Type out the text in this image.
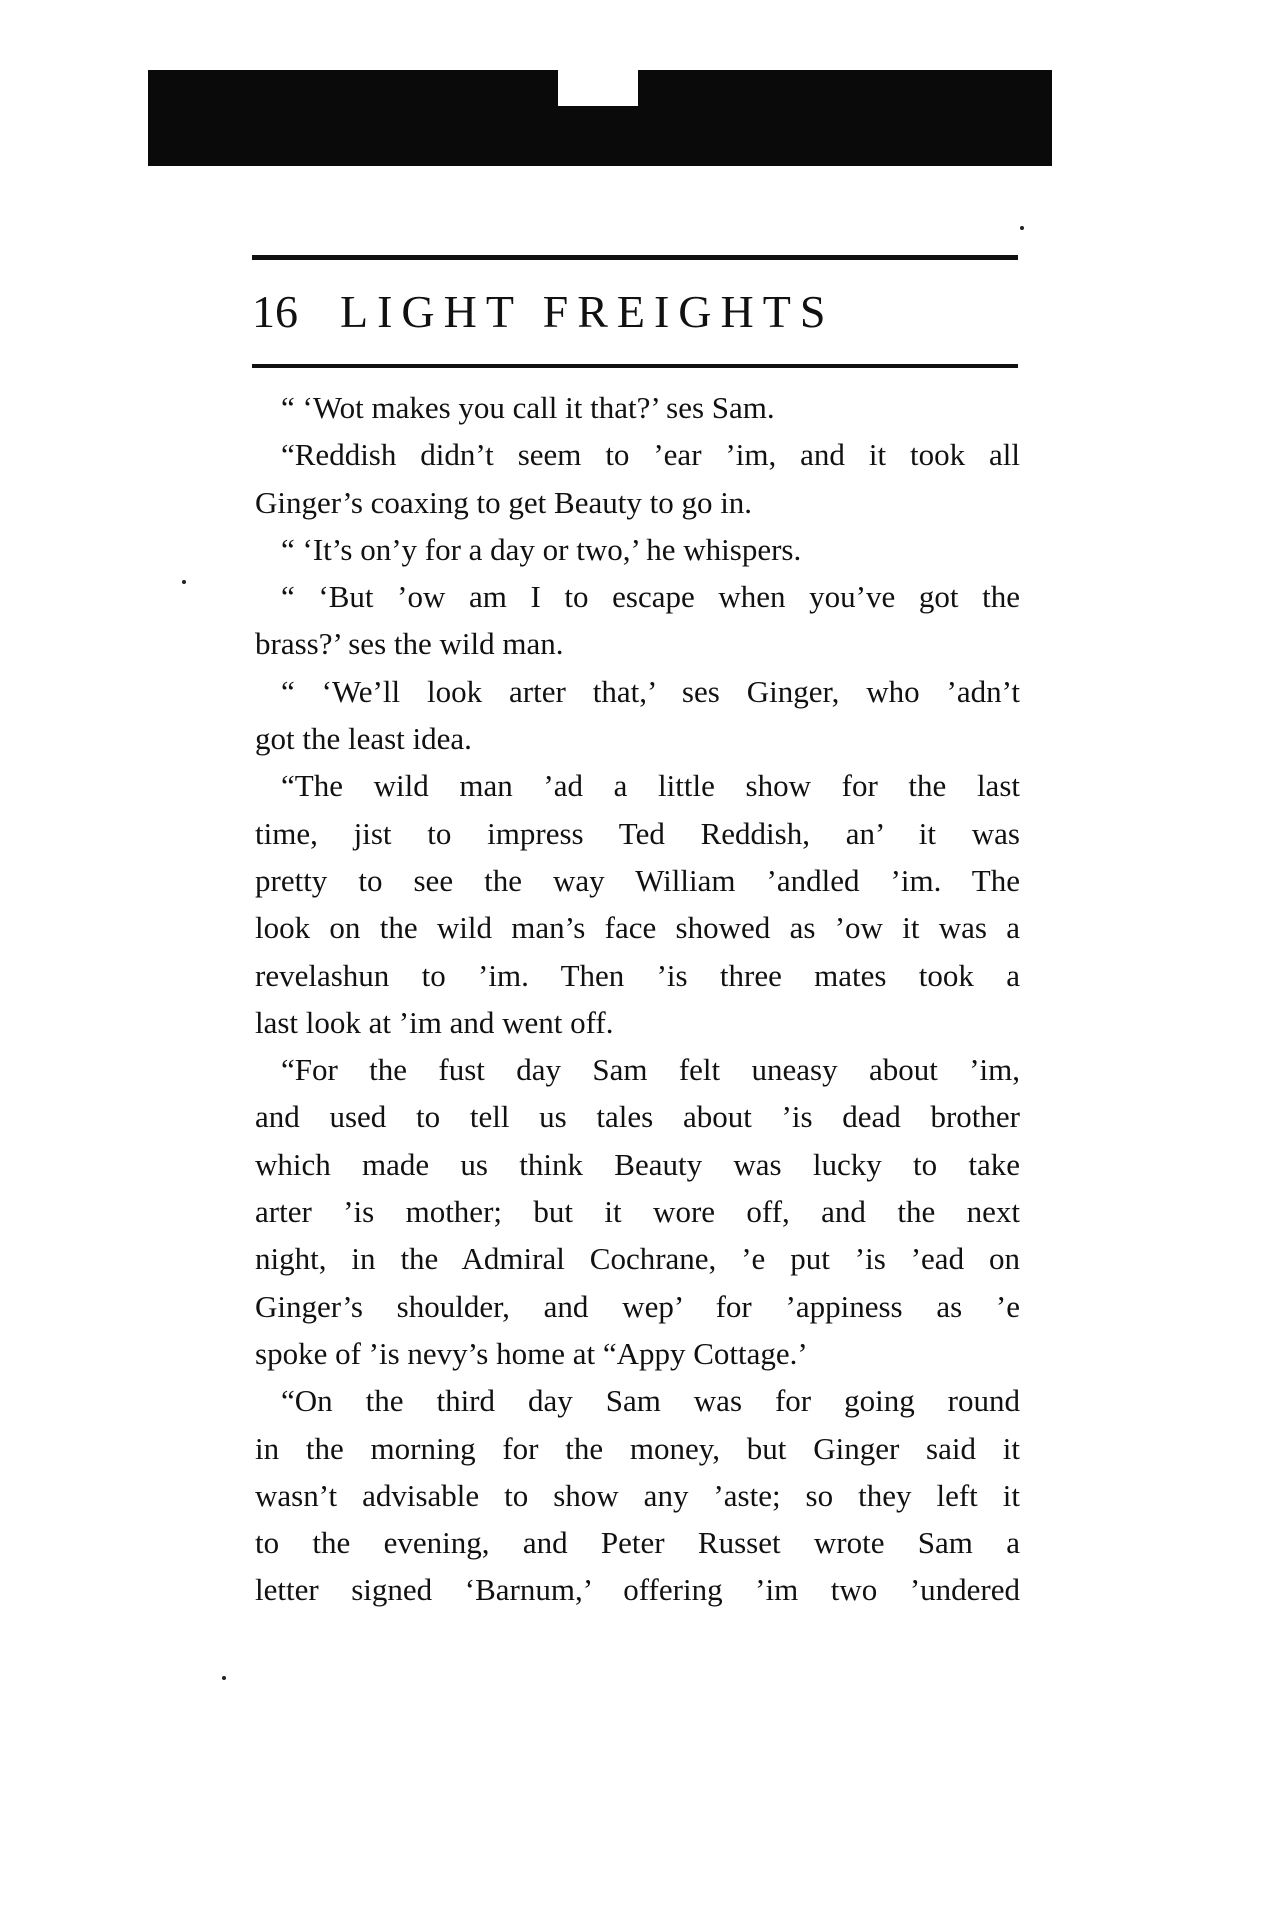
16 LIGHT FREIGHTS
“ ‘Wot makes you call it that?’ ses Sam.
“Reddish didn’t seem to ’ear ’im, and it took all
Ginger’s coaxing to get Beauty to go in.
“ ‘It’s on’y for a day or two,’ he whispers.
“ ‘But ’ow am I to escape when you’ve got the
brass?’ ses the wild man.
“ ‘We’ll look arter that,’ ses Ginger, who ’adn’t
got the least idea.
“The wild man ’ad a little show for the last
time, jist to impress Ted Reddish, an’ it was
pretty to see the way William ’andled ’im. The
look on the wild man’s face showed as ’ow it was a
revelashun to ’im. Then ’is three mates took a
last look at ’im and went off.
“For the fust day Sam felt uneasy about ’im,
and used to tell us tales about ’is dead brother
which made us think Beauty was lucky to take
arter ’is mother; but it wore off, and the next
night, in the Admiral Cochrane, ’e put ’is ’ead on
Ginger’s shoulder, and wep’ for ’appiness as ’e
spoke of ’is nevy’s home at “Appy Cottage.’
“On the third day Sam was for going round
in the morning for the money, but Ginger said it
wasn’t advisable to show any ’aste; so they left it
to the evening, and Peter Russet wrote Sam a
letter signed ‘Barnum,’ offering ’im two ’undered
